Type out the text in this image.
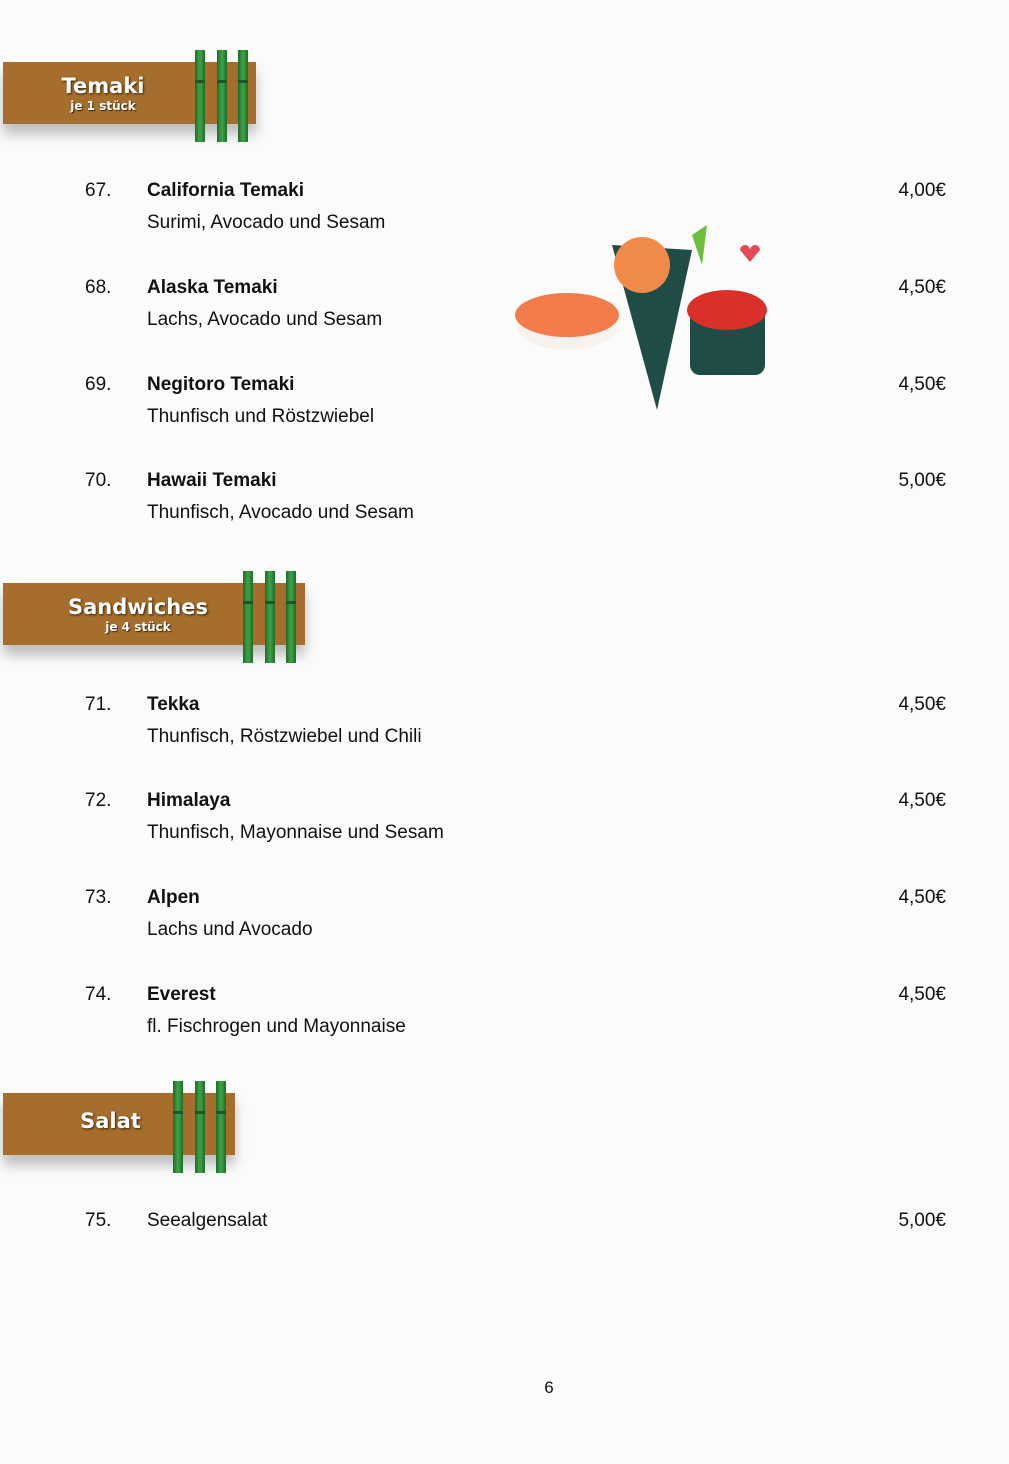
Temaki
je 1 stück
Sandwiches
je 4 stück
Salat
67. California Temaki
Surimi, Avocado und Sesam
4,00€
68. Alaska Temaki
Lachs, Avocado und Sesam
4,50€
69. Negitoro Temaki
Thunfisch und Röstzwiebel
4,50€
70. Hawaii Temaki
Thunfisch, Avocado und Sesam
5,00€
71. Tekka
Thunfisch, Röstzwiebel und Chili
4,50€
72. Himalaya
Thunfisch, Mayonnaise und Sesam
4,50€
73. Alpen
Lachs und Avocado
4,50€
74. Everest
fl. Fischrogen und Mayonnaise
4,50€
75. Seealgensalat	5,00€
6
